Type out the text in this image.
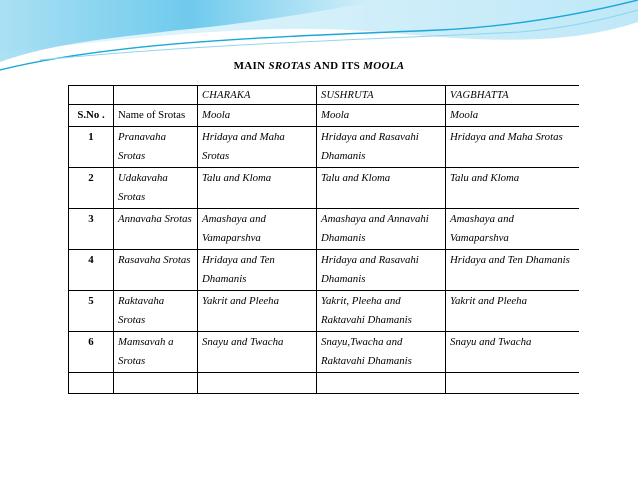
MAIN SROTAS AND ITS MOOLA
		CHARAKA	SUSHRUTA	VAGBHATTA
S.No .	Name of Srotas	Moola	Moola	Moola
1	Pranavaha Srotas	Hridaya and Maha Srotas	Hridaya and Rasavahi Dhamanis	Hridaya and Maha Srotas
2	Udakavaha Srotas	Talu and Kloma	Talu and Kloma	Talu and Kloma
3	Annavaha Srotas	Amashaya and Vamaparshva	Amashaya and Annavahi Dhamanis	Amashaya and Vamaparshva
4	Rasavaha Srotas	Hridaya and Ten Dhamanis	Hridaya and Rasavahi Dhamanis	Hridaya and Ten Dhamanis
5	Raktavaha Srotas	Yakrit and Pleeha	Yakrit, Pleeha and Raktavahi Dhamanis	Yakrit and Pleeha
6	Mamsavah a Srotas	Snayu and Twacha	Snayu,Twacha and Raktavahi Dhamanis	Snayu and Twacha
